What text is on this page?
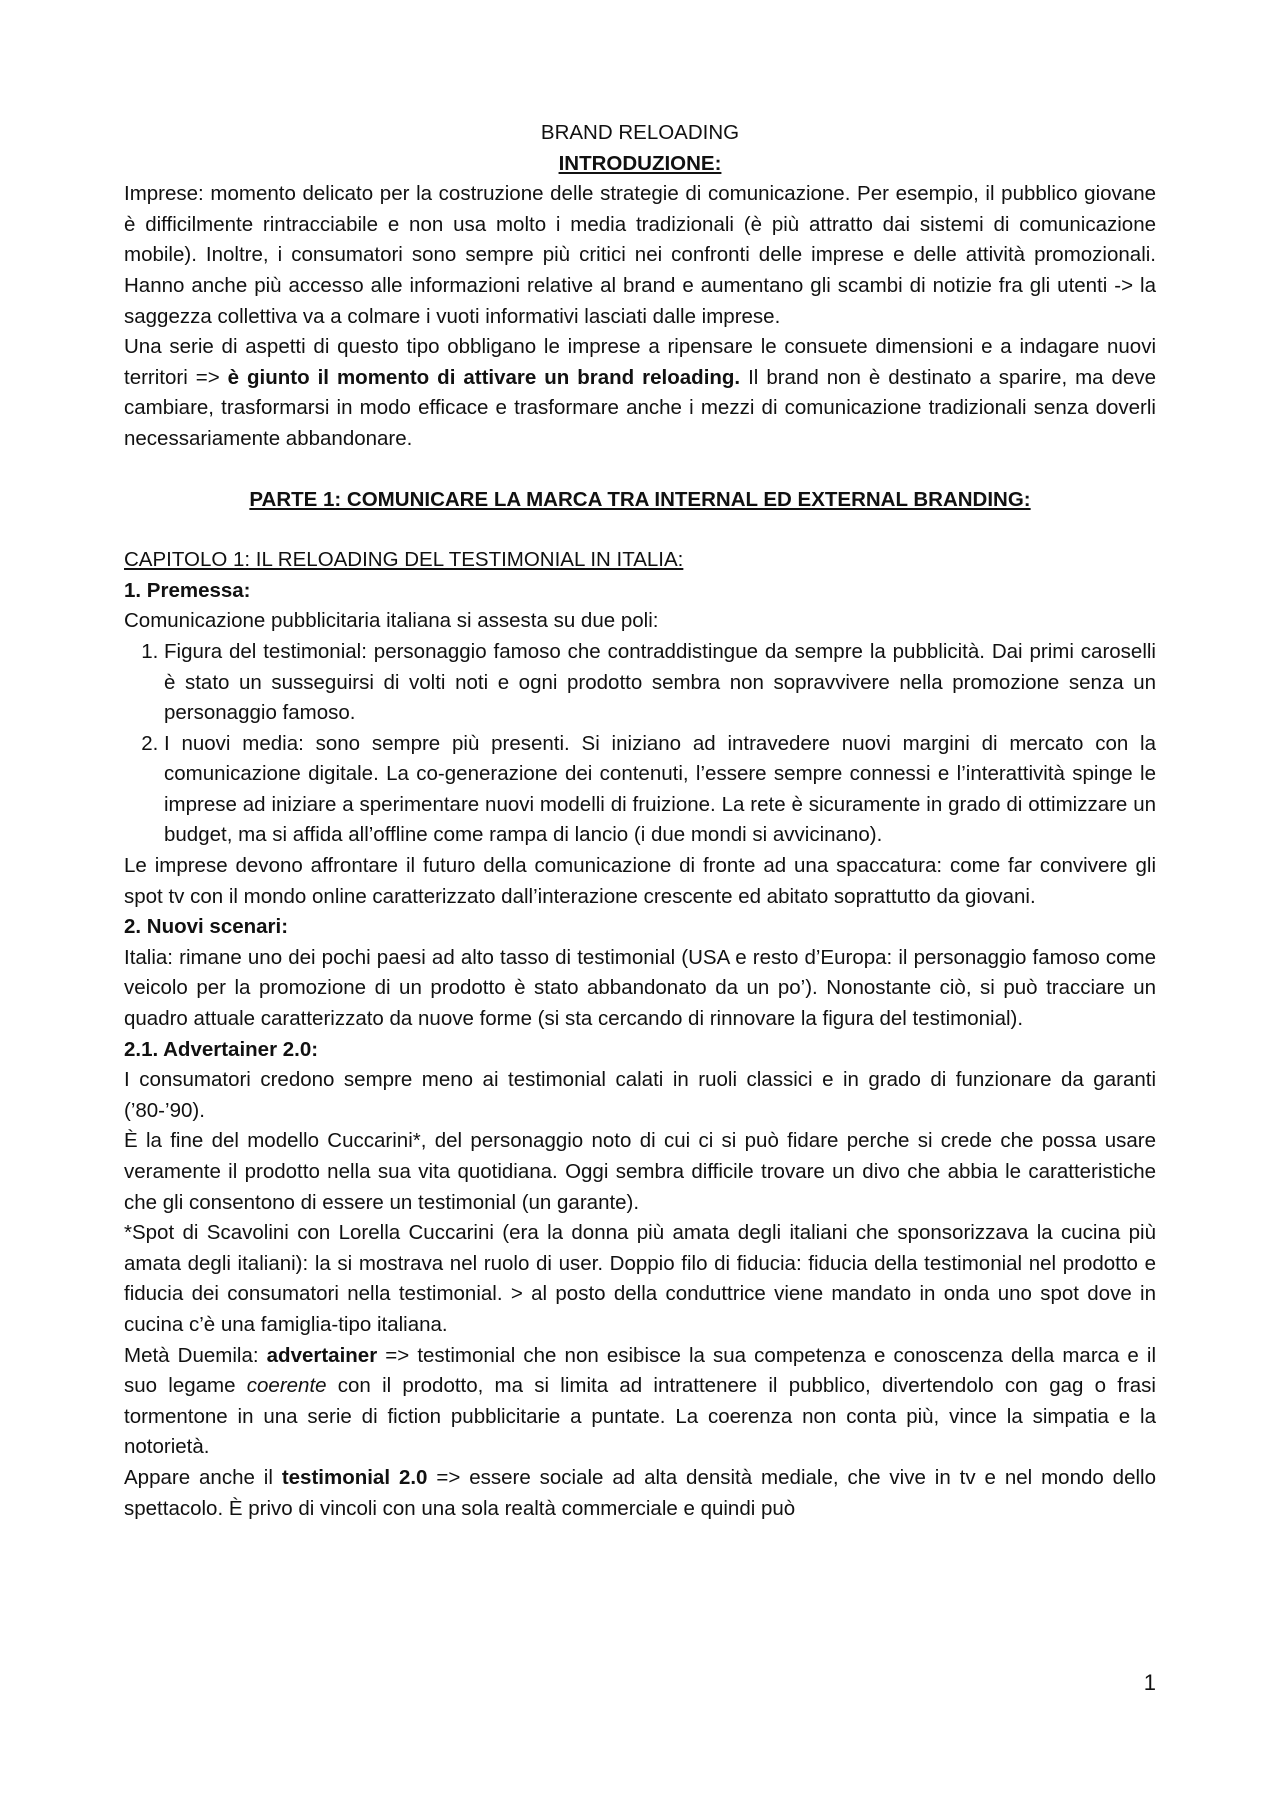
BRAND RELOADING

INTRODUZIONE:

Imprese: momento delicato per la costruzione delle strategie di comunicazione. Per esempio, il pubblico giovane è difficilmente rintracciabile e non usa molto i media tradizionali (è più attratto dai sistemi di comunicazione mobile). Inoltre, i consumatori sono sempre più critici nei confronti delle imprese e delle attività promozionali. Hanno anche più accesso alle informazioni relative al brand e aumentano gli scambi di notizie fra gli utenti -> la saggezza collettiva va a colmare i vuoti informativi lasciati dalle imprese.

Una serie di aspetti di questo tipo obbligano le imprese a ripensare le consuete dimensioni e a indagare nuovi territori => è giunto il momento di attivare un brand reloading. Il brand non è destinato a sparire, ma deve cambiare, trasformarsi in modo efficace e trasformare anche i mezzi di comunicazione tradizionali senza doverli necessariamente abbandonare.

PARTE 1: COMUNICARE LA MARCA TRA INTERNAL ED EXTERNAL BRANDING:

CAPITOLO 1: IL RELOADING DEL TESTIMONIAL IN ITALIA:

1. Premessa:

Comunicazione pubblicitaria italiana si assesta su due poli:

1. Figura del testimonial: personaggio famoso che contraddistingue da sempre la pubblicità. Dai primi caroselli è stato un susseguirsi di volti noti e ogni prodotto sembra non sopravvivere nella promozione senza un personaggio famoso.
2. I nuovi media: sono sempre più presenti. Si iniziano ad intravedere nuovi margini di mercato con la comunicazione digitale. La co-generazione dei contenuti, l’essere sempre connessi e l’interattività spinge le imprese ad iniziare a sperimentare nuovi modelli di fruizione. La rete è sicuramente in grado di ottimizzare un budget, ma si affida all’offline come rampa di lancio (i due mondi si avvicinano).

Le imprese devono affrontare il futuro della comunicazione di fronte ad una spaccatura: come far convivere gli spot tv con il mondo online caratterizzato dall’interazione crescente ed abitato soprattutto da giovani.

2. Nuovi scenari:

Italia: rimane uno dei pochi paesi ad alto tasso di testimonial (USA e resto d’Europa: il personaggio famoso come veicolo per la promozione di un prodotto è stato abbandonato da un po’). Nonostante ciò, si può tracciare un quadro attuale caratterizzato da nuove forme (si sta cercando di rinnovare la figura del testimonial).

2.1. Advertainer 2.0:

I consumatori credono sempre meno ai testimonial calati in ruoli classici e in grado di funzionare da garanti (’80-’90).

È la fine del modello Cuccarini*, del personaggio noto di cui ci si può fidare perche si crede che possa usare veramente il prodotto nella sua vita quotidiana. Oggi sembra difficile trovare un divo che abbia le caratteristiche che gli consentono di essere un testimonial (un garante).

*Spot di Scavolini con Lorella Cuccarini (era la donna più amata degli italiani che sponsorizzava la cucina più amata degli italiani): la si mostrava nel ruolo di user. Doppio filo di fiducia: fiducia della testimonial nel prodotto e fiducia dei consumatori nella testimonial. > al posto della conduttrice viene mandato in onda uno spot dove in cucina c’è una famiglia-tipo italiana.

Metà Duemila: advertainer => testimonial che non esibisce la sua competenza e conoscenza della marca e il suo legame coerente con il prodotto, ma si limita ad intrattenere il pubblico, divertendolo con gag o frasi tormentone in una serie di fiction pubblicitarie a puntate. La coerenza non conta più, vince la simpatia e la notorietà.

Appare anche il testimonial 2.0 => essere sociale ad alta densità mediale, che vive in tv e nel mondo dello spettacolo. È privo di vincoli con una sola realtà commerciale e quindi può

1
